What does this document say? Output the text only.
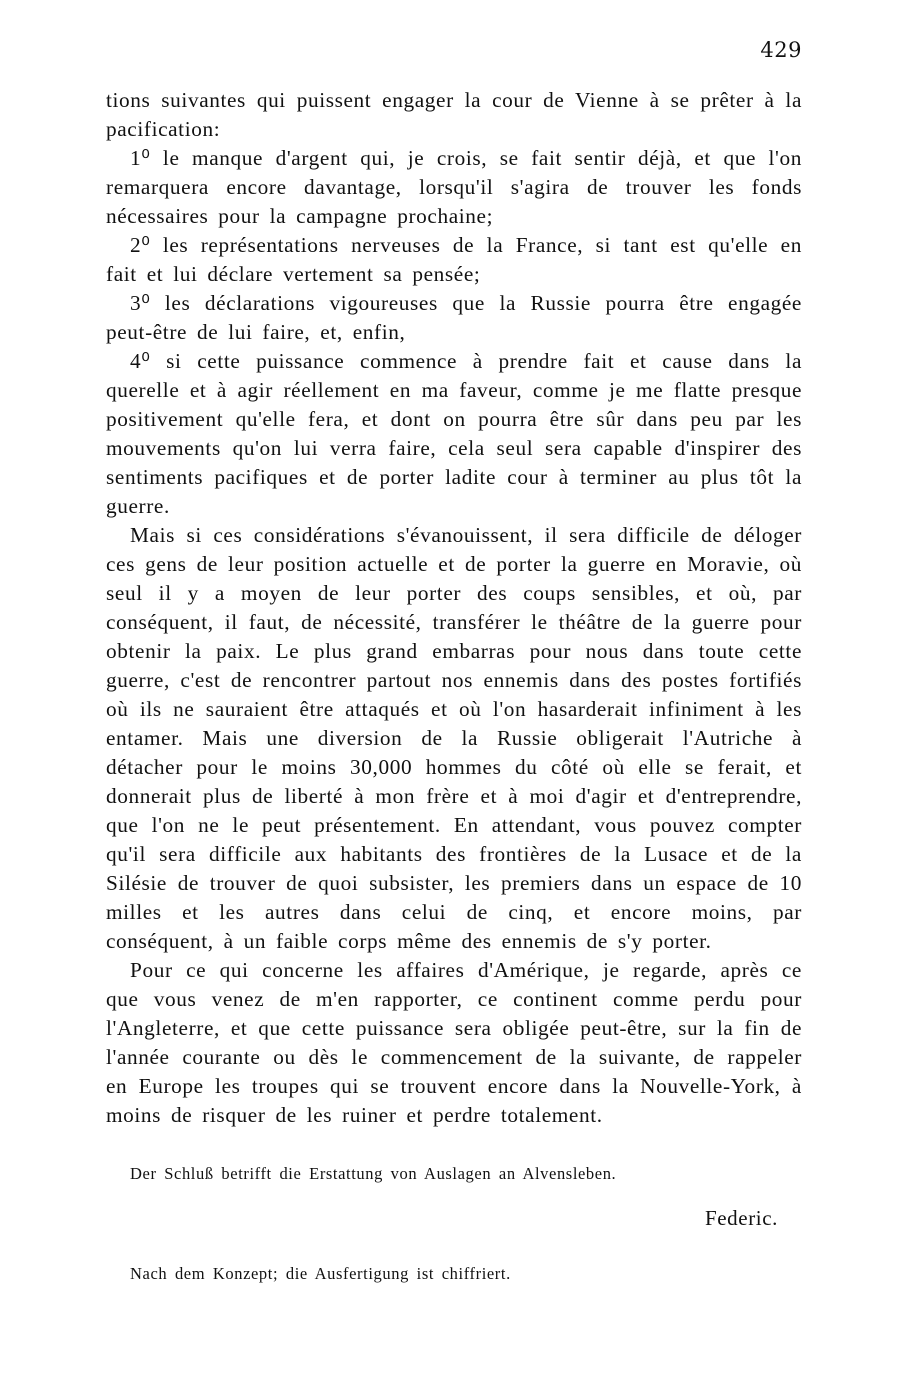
429

tions suivantes qui puissent engager la cour de Vienne à se prêter à la pacification:

1⁰ le manque d'argent qui, je crois, se fait sentir déjà, et que l'on remarquera encore davantage, lorsqu'il s'agira de trouver les fonds nécessaires pour la campagne prochaine;

2⁰ les représentations nerveuses de la France, si tant est qu'elle en fait et lui déclare vertement sa pensée;

3⁰ les déclarations vigoureuses que la Russie pourra être engagée peut-être de lui faire, et, enfin,

4⁰ si cette puissance commence à prendre fait et cause dans la querelle et à agir réellement en ma faveur, comme je me flatte presque positivement qu'elle fera, et dont on pourra être sûr dans peu par les mouvements qu'on lui verra faire, cela seul sera capable d'inspirer des sentiments pacifiques et de porter ladite cour à terminer au plus tôt la guerre.

Mais si ces considérations s'évanouissent, il sera difficile de déloger ces gens de leur position actuelle et de porter la guerre en Moravie, où seul il y a moyen de leur porter des coups sensibles, et où, par conséquent, il faut, de nécessité, transférer le théâtre de la guerre pour obtenir la paix. Le plus grand embarras pour nous dans toute cette guerre, c'est de rencontrer partout nos ennemis dans des postes fortifiés où ils ne sauraient être attaqués et où l'on hasarderait infiniment à les entamer. Mais une diversion de la Russie obligerait l'Autriche à détacher pour le moins 30,000 hommes du côté où elle se ferait, et donnerait plus de liberté à mon frère et à moi d'agir et d'entreprendre, que l'on ne le peut présentement. En attendant, vous pouvez compter qu'il sera difficile aux habitants des frontières de la Lusace et de la Silésie de trouver de quoi subsister, les premiers dans un espace de 10 milles et les autres dans celui de cinq, et encore moins, par conséquent, à un faible corps même des ennemis de s'y porter.

Pour ce qui concerne les affaires d'Amérique, je regarde, après ce que vous venez de m'en rapporter, ce continent comme perdu pour l'Angleterre, et que cette puissance sera obligée peut-être, sur la fin de l'année courante ou dès le commencement de la suivante, de rappeler en Europe les troupes qui se trouvent encore dans la Nouvelle-York, à moins de risquer de les ruiner et perdre totalement.

Der Schluß betrifft die Erstattung von Auslagen an Alvensleben.
Federic.
Nach dem Konzept; die Ausfertigung ist chiffriert.
